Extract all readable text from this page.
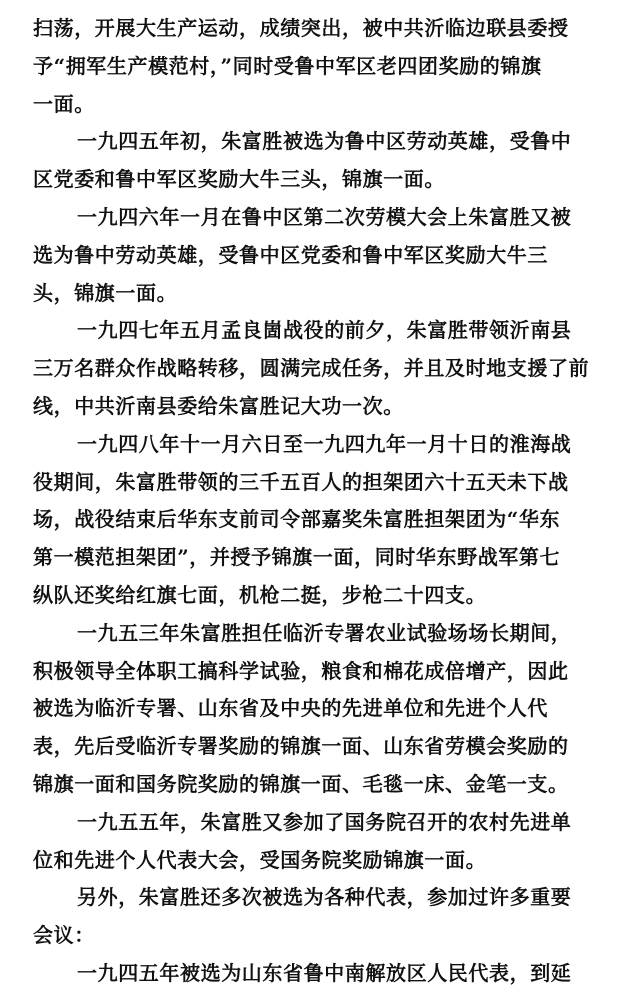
扫荡，开展大生产运动，成绩突出，被中共沂临边联县委授
予“拥军生产模范村，”同时受鲁中军区老四团奖励的锦旗
一面。
一九四五年初，朱富胜被选为鲁中区劳动英雄，受鲁中
区党委和鲁中军区奖励大牛三头，锦旗一面。
一九四六年一月在鲁中区第二次劳模大会上朱富胜又被
选为鲁中劳动英雄，受鲁中区党委和鲁中军区奖励大牛三
头，锦旗一面。
一九四七年五月孟良崮战役的前夕，朱富胜带领沂南县
三万名群众作战略转移，圆满完成任务，并且及时地支援了前
线，中共沂南县委给朱富胜记大功一次。
一九四八年十一月六日至一九四九年一月十日的淮海战
役期间，朱富胜带领的三千五百人的担架团六十五天未下战
场，战役结束后华东支前司令部嘉奖朱富胜担架团为“华东
第一模范担架团”，并授予锦旗一面，同时华东野战军第七
纵队还奖给红旗七面，机枪二挺，步枪二十四支。
一九五三年朱富胜担任临沂专署农业试验场场长期间，
积极领导全体职工搞科学试验，粮食和棉花成倍增产，因此
被选为临沂专署、山东省及中央的先进单位和先进个人代
表，先后受临沂专署奖励的锦旗一面、山东省劳模会奖励的
锦旗一面和国务院奖励的锦旗一面、毛毯一床、金笔一支。
一九五五年，朱富胜又参加了国务院召开的农村先进单
位和先进个人代表大会，受国务院奖励锦旗一面。
另外，朱富胜还多次被选为各种代表，参加过许多重要
会议：
一九四五年被选为山东省鲁中南解放区人民代表，到延
